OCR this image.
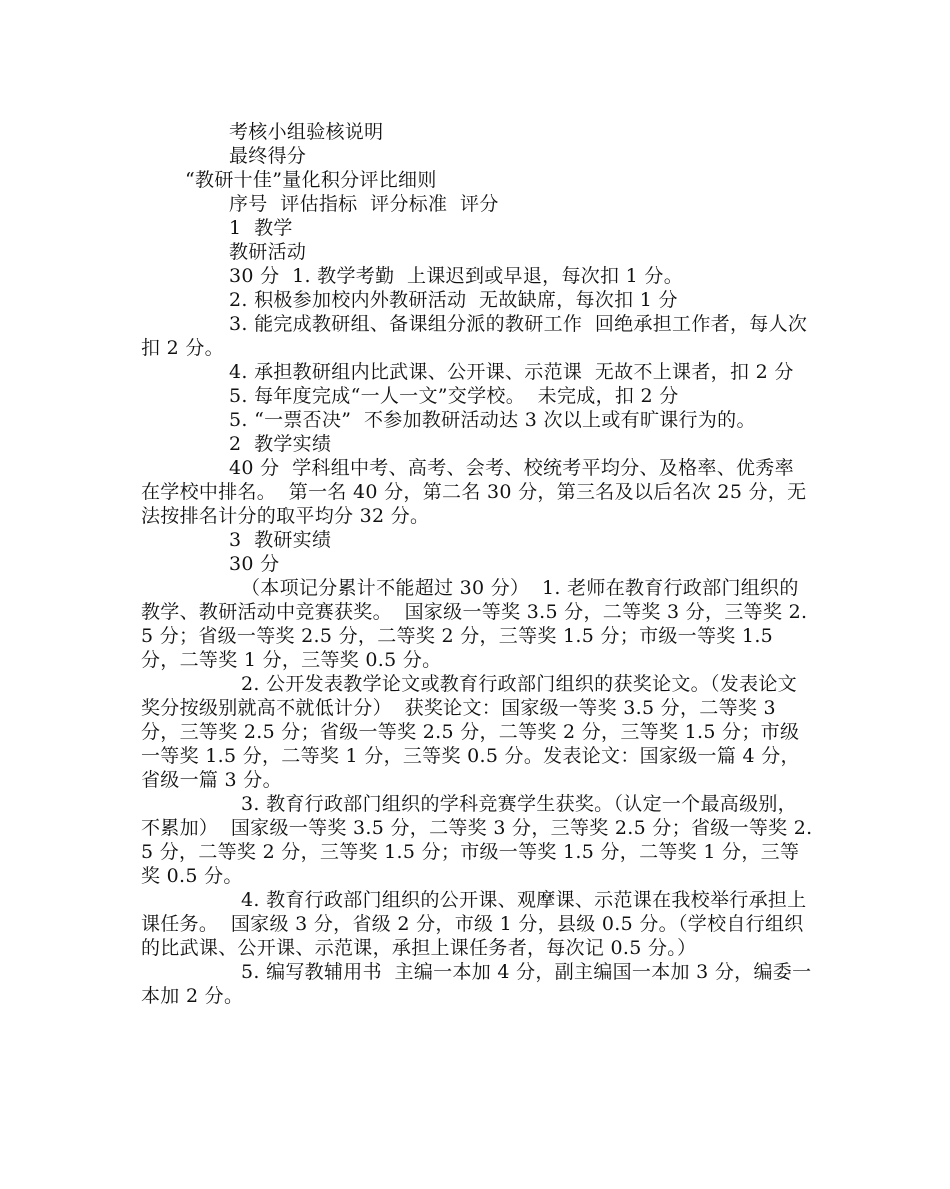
考核小组验核说明

最终得分

“教研十佳”量化积分评比细则

序号  评估指标  评分标准  评分

1  教学

教研活动

30 分  1. 教学考勤  上课迟到或早退，每次扣 1 分。

2. 积极参加校内外教研活动  无故缺席，每次扣 1 分

3. 能完成教研组、备课组分派的教研工作  回绝承担工作者，每人次扣 2 分。

4. 承担教研组内比武课、公开课、示范课  无故不上课者，扣 2 分

5. 每年度完成“一人一文”交学校。  未完成，扣 2 分

5. “一票否决”  不参加教研活动达 3 次以上或有旷课行为的。

2  教学实绩

40 分  学科组中考、高考、会考、校统考平均分、及格率、优秀率在学校中排名。  第一名 40 分，第二名 30 分，第三名及以后名次 25 分，无法按排名计分的取平均分 32 分。

3  教研实绩

30 分

（本项记分累计不能超过 30 分）  1. 老师在教育行政部门组织的教学、教研活动中竞赛获奖。  国家级一等奖 3.5 分，二等奖 3 分，三等奖 2.5 分；省级一等奖 2.5 分，二等奖 2 分，三等奖 1.5 分；市级一等奖 1.5 分，二等奖 1 分，三等奖 0.5 分。

2. 公开发表教学论文或教育行政部门组织的获奖论文。（发表论文奖分按级别就高不就低计分）  获奖论文：国家级一等奖 3.5 分，二等奖 3 分，三等奖 2.5 分；省级一等奖 2.5 分，二等奖 2 分，三等奖 1.5 分；市级一等奖 1.5 分，二等奖 1 分，三等奖 0.5 分。发表论文：国家级一篇 4 分，省级一篇 3 分。

3. 教育行政部门组织的学科竞赛学生获奖。（认定一个最高级别，不累加）  国家级一等奖 3.5 分，二等奖 3 分，三等奖 2.5 分；省级一等奖 2.5 分，二等奖 2 分，三等奖 1.5 分；市级一等奖 1.5 分，二等奖 1 分，三等奖 0.5 分。

4. 教育行政部门组织的公开课、观摩课、示范课在我校举行承担上课任务。  国家级 3 分，省级 2 分，市级 1 分，县级 0.5 分。（学校自行组织的比武课、公开课、示范课，承担上课任务者，每次记 0.5 分。）

5. 编写教辅用书  主编一本加 4 分，副主编国一本加 3 分，编委一本加 2 分。
